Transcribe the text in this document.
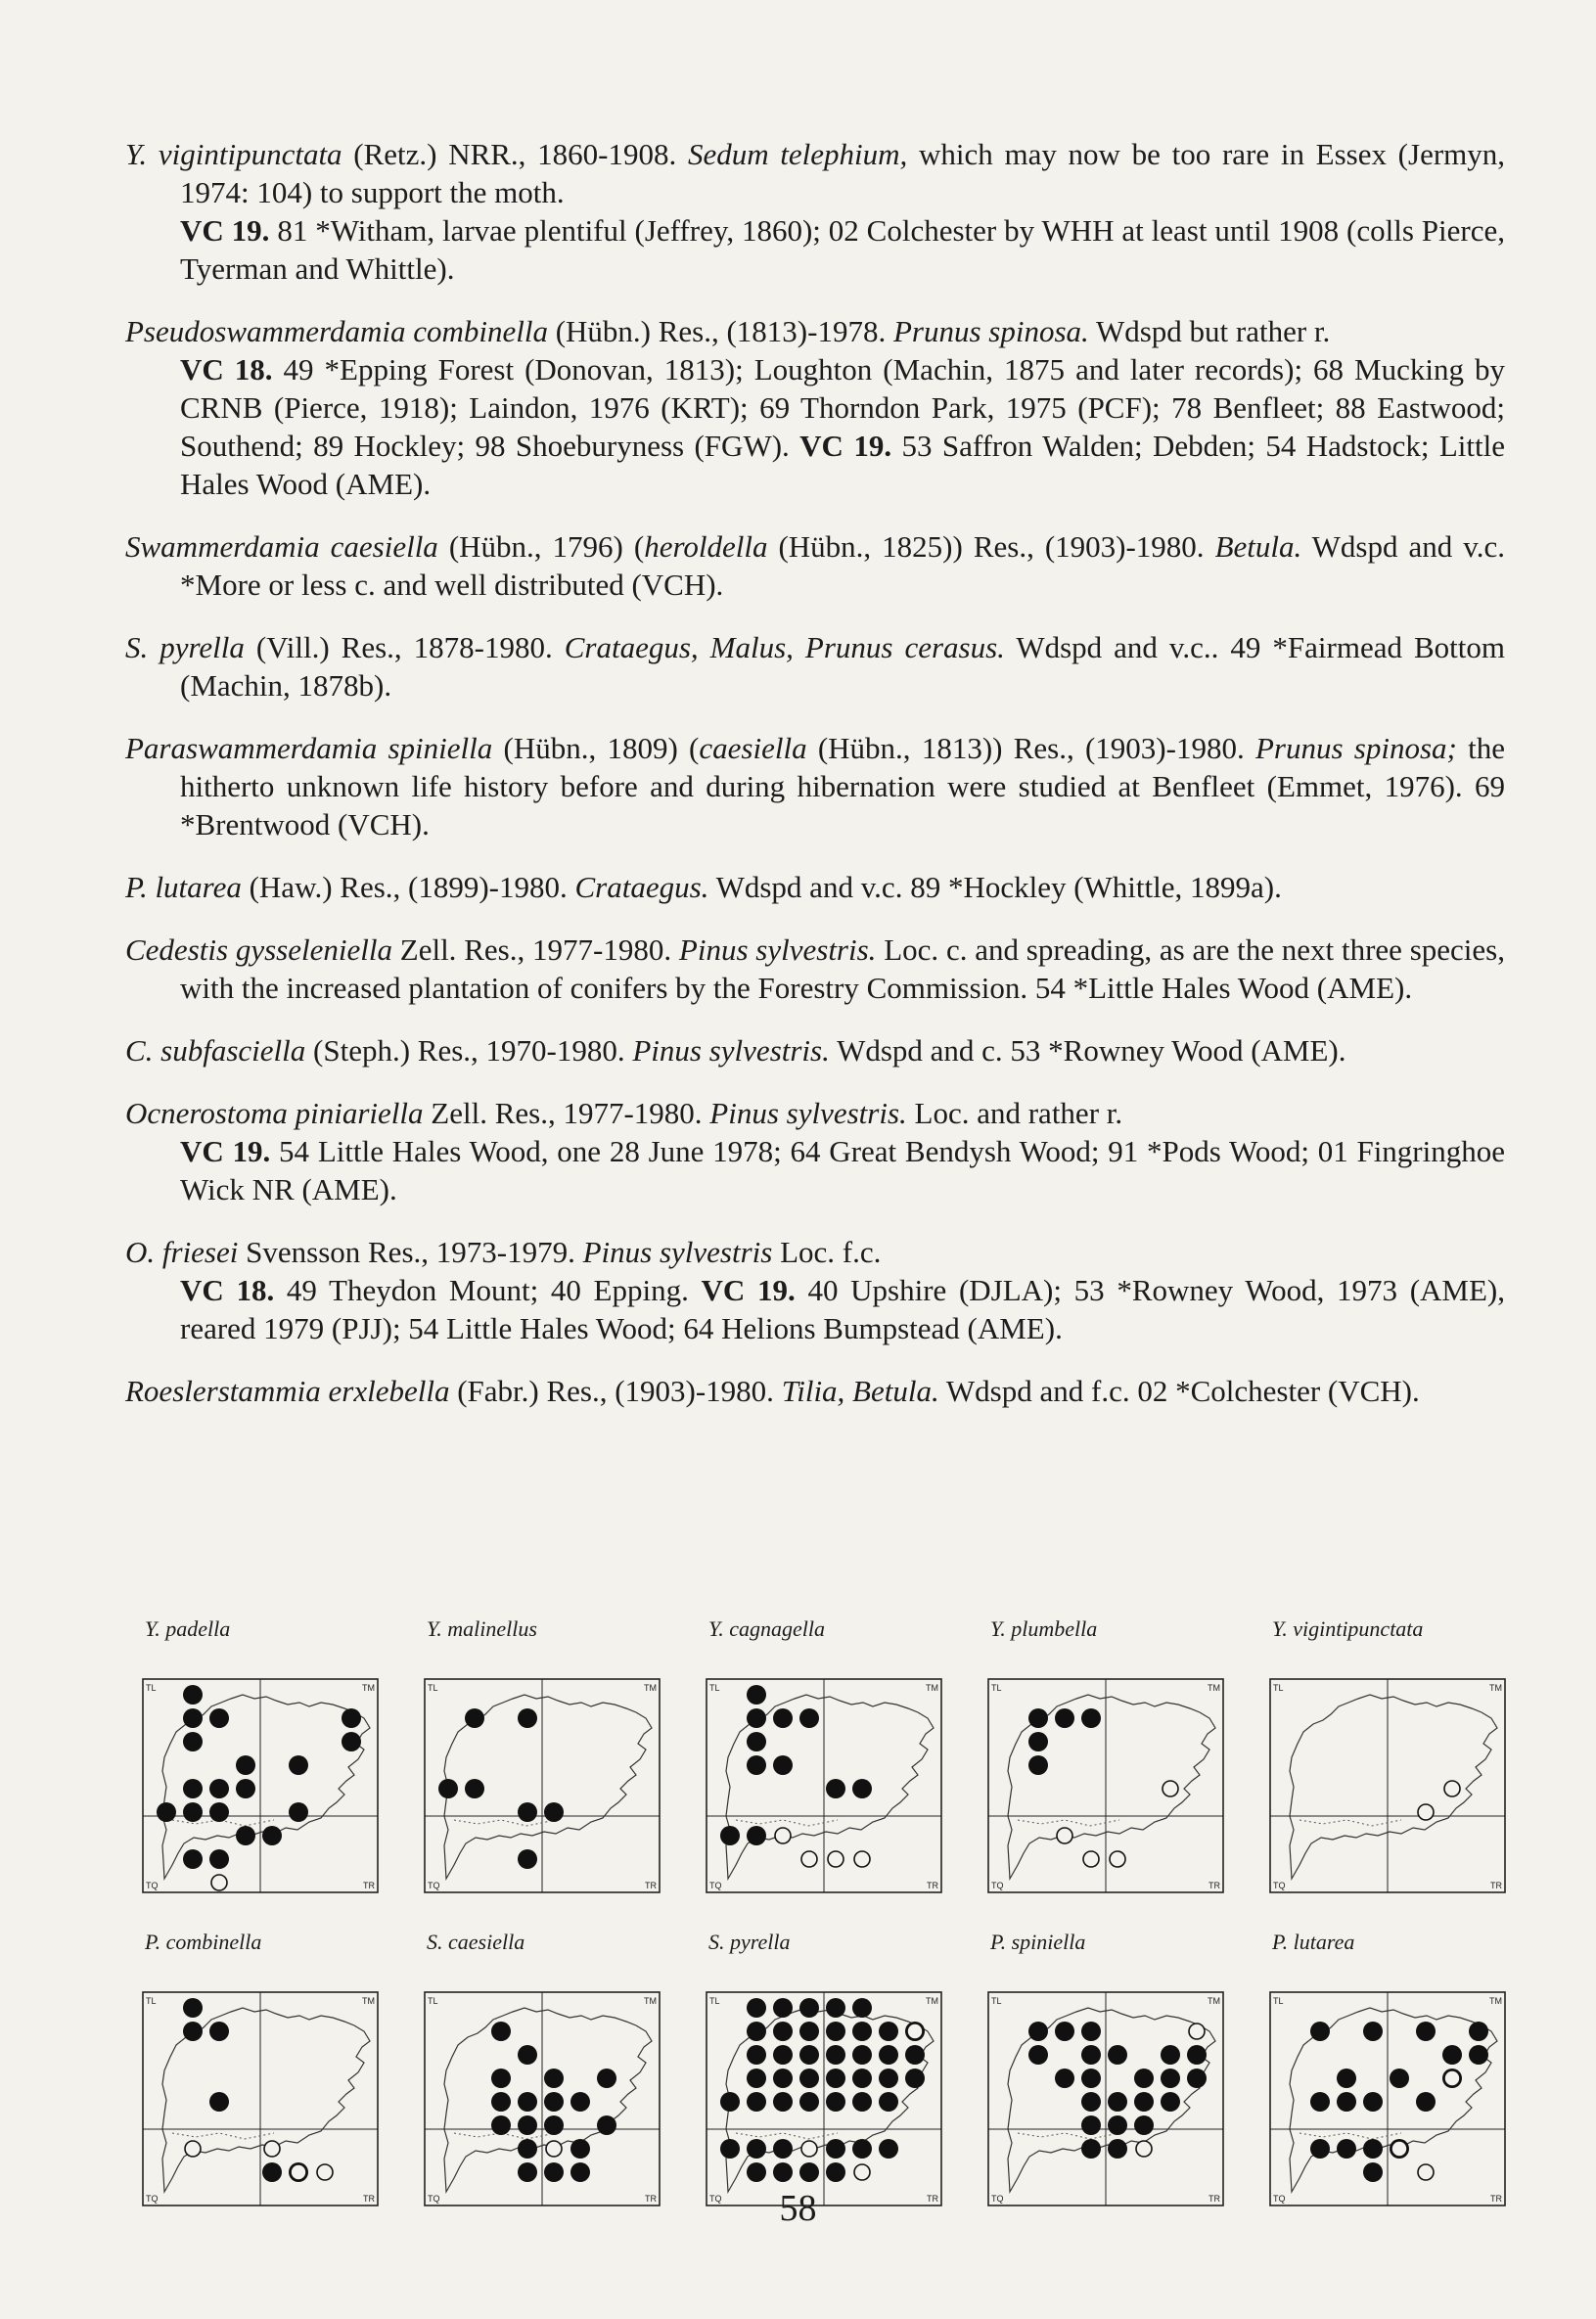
Y. vigintipunctata (Retz.) NRR., 1860-1908. Sedum telephium, which may now be too rare in Essex (Jermyn, 1974: 104) to support the moth.

VC 19. 81 *Witham, larvae plentiful (Jeffrey, 1860); 02 Colchester by WHH at least until 1908 (colls Pierce, Tyerman and Whittle).

Pseudoswammerdamia combinella (Hübn.) Res., (1813)-1978. Prunus spinosa. Wdspd but rather r.

VC 18. 49 *Epping Forest (Donovan, 1813); Loughton (Machin, 1875 and later records); 68 Mucking by CRNB (Pierce, 1918); Laindon, 1976 (KRT); 69 Thorndon Park, 1975 (PCF); 78 Benfleet; 88 Eastwood; Southend; 89 Hockley; 98 Shoeburyness (FGW). VC 19. 53 Saffron Walden; Debden; 54 Hadstock; Little Hales Wood (AME).

Swammerdamia caesiella (Hübn., 1796) (heroldella (Hübn., 1825)) Res., (1903)-1980. Betula. Wdspd and v.c. *More or less c. and well distributed (VCH).

S. pyrella (Vill.) Res., 1878-1980. Crataegus, Malus, Prunus cerasus. Wdspd and v.c.. 49 *Fairmead Bottom (Machin, 1878b).

Paraswammerdamia spiniella (Hübn., 1809) (caesiella (Hübn., 1813)) Res., (1903)-1980. Prunus spinosa; the hitherto unknown life history before and during hibernation were studied at Benfleet (Emmet, 1976). 69 *Brentwood (VCH).

P. lutarea (Haw.) Res., (1899)-1980. Crataegus. Wdspd and v.c. 89 *Hockley (Whittle, 1899a).

Cedestis gysseleniella Zell. Res., 1977-1980. Pinus sylvestris. Loc. c. and spreading, as are the next three species, with the increased plantation of conifers by the Forestry Commission. 54 *Little Hales Wood (AME).

C. subfasciella (Steph.) Res., 1970-1980. Pinus sylvestris. Wdspd and c. 53 *Rowney Wood (AME).

Ocnerostoma piniariella Zell. Res., 1977-1980. Pinus sylvestris. Loc. and rather r.

VC 19. 54 Little Hales Wood, one 28 June 1978; 64 Great Bendysh Wood; 91 *Pods Wood; 01 Fingringhoe Wick NR (AME).

O. friesei Svensson Res., 1973-1979. Pinus sylvestris Loc. f.c.

VC 18. 49 Theydon Mount; 40 Epping. VC 19. 40 Upshire (DJLA); 53 *Rowney Wood, 1973 (AME), reared 1979 (PJJ); 54 Little Hales Wood; 64 Helions Bumpstead (AME).

Roeslerstammia erxlebella (Fabr.) Res., (1903)-1980. Tilia, Betula. Wdspd and f.c. 02 *Colchester (VCH).

Y. padella
TL	TM
TQ	TR
Y. malinellus
TL	TM
TQ	TR
Y. cagnagella
TL	TM
TQ	TR
Y. plumbella
TL	TM
TQ	TR
Y. vigintipunctata
TL	TM
TQ	TR
P. combinella
TL	TM
TQ	TR
S. caesiella
TL	TM
TQ	TR
S. pyrella
TL	TM
TQ	TR
P. spiniella
TL	TM
TQ	TR
P. lutarea
TL	TM
TQ	TR
58
